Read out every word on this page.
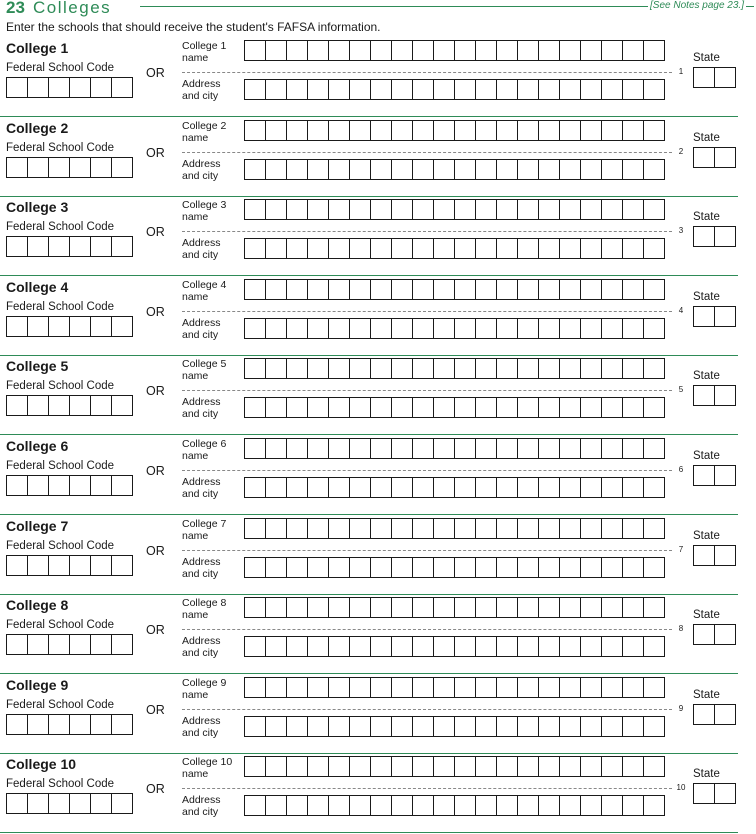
23 Colleges	[See Notes page 23.]
Enter the schools that should receive the student's FAFSA information.
College 1
Federal School Code	OR
College 1
name
Address
and city
1
State
College 2
Federal School Code	OR
College 2
name
Address
and city
2
State
College 3
Federal School Code	OR
College 3
name
Address
and city
3
State
College 4
Federal School Code	OR
College 4
name
Address
and city
4
State
College 5
Federal School Code	OR
College 5
name
Address
and city
5
State
College 6
Federal School Code	OR
College 6
name
Address
and city
6
State
College 7
Federal School Code	OR
College 7
name
Address
and city
7
State
College 8
Federal School Code	OR
College 8
name
Address
and city
8
State
College 9
Federal School Code	OR
College 9
name
Address
and city
9
State
College 10
Federal School Code	OR
College 10
name
Address
and city
10
State
